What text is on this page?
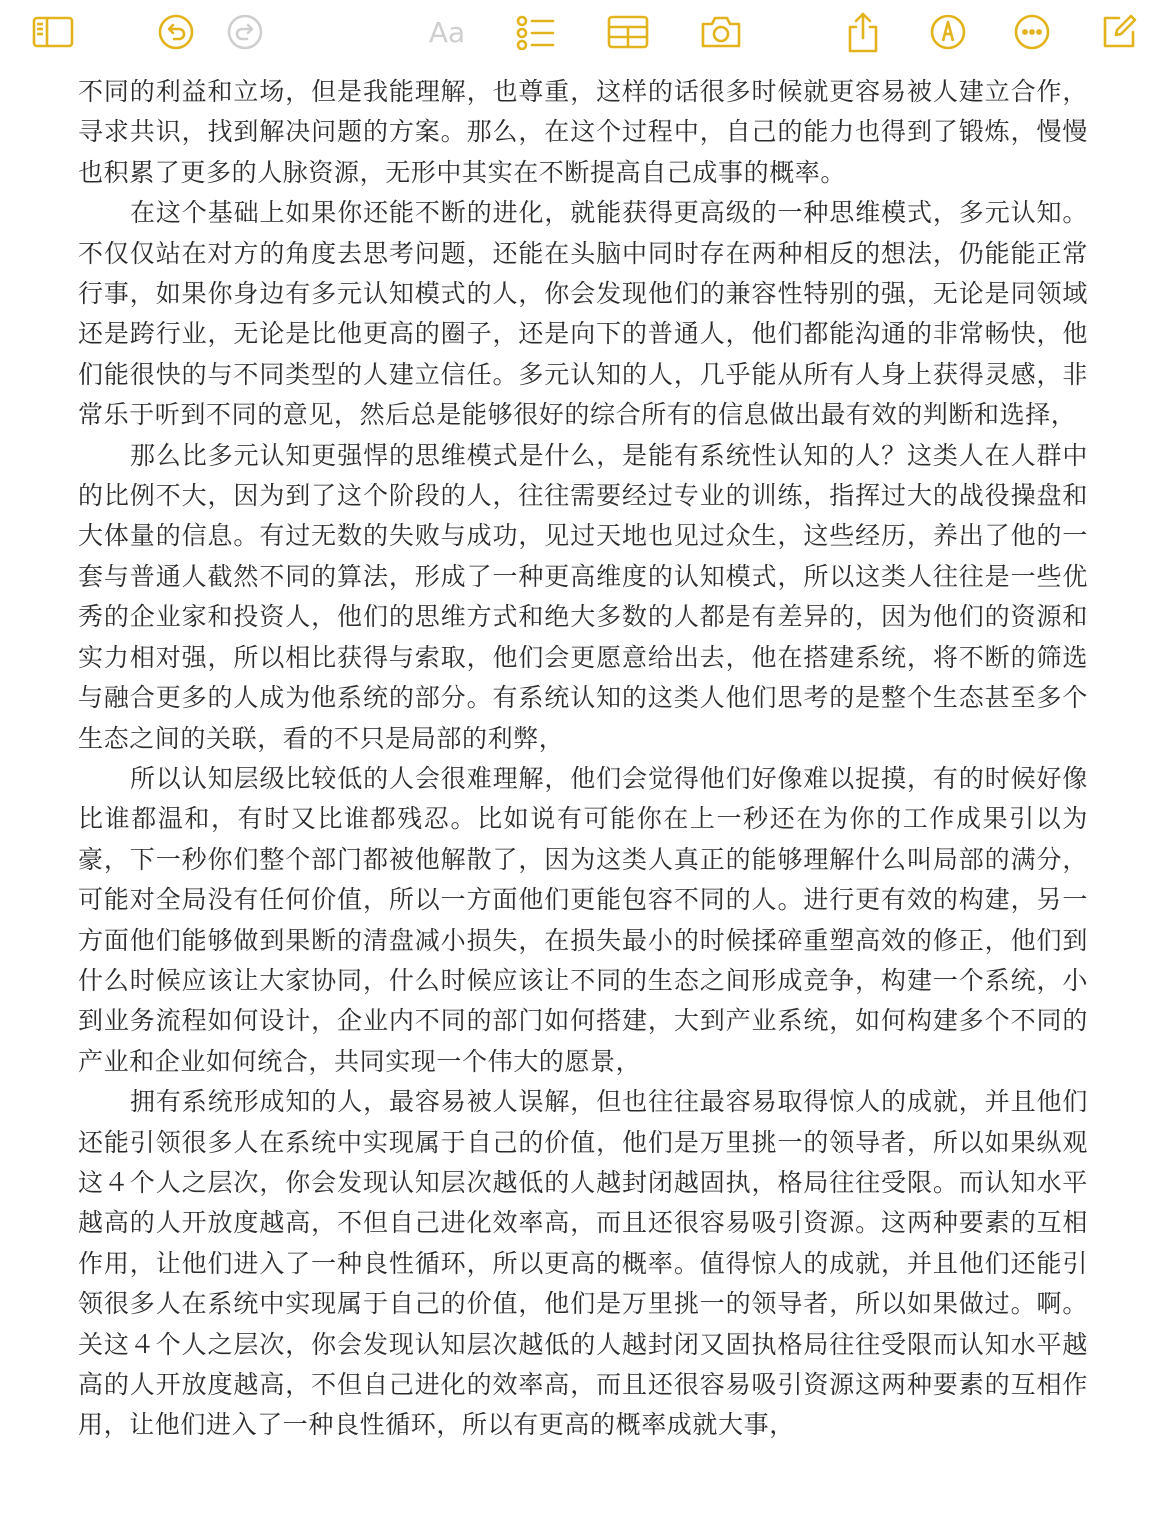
Aa

不同的利益和立场，但是我能理解，也尊重，这样的话很多时候就更容易被人建立合作，寻求共识，找到解决问题的方案。那么，在这个过程中，自己的能力也得到了锻炼，慢慢也积累了更多的人脉资源，无形中其实在不断提高自己成事的概率。

在这个基础上如果你还能不断的进化，就能获得更高级的一种思维模式，多元认知。不仅仅站在对方的角度去思考问题，还能在头脑中同时存在两种相反的想法，仍能能正常行事，如果你身边有多元认知模式的人，你会发现他们的兼容性特别的强，无论是同领域还是跨行业，无论是比他更高的圈子，还是向下的普通人，他们都能沟通的非常畅快，他们能很快的与不同类型的人建立信任。多元认知的人，几乎能从所有人身上获得灵感，非常乐于听到不同的意见，然后总是能够很好的综合所有的信息做出最有效的判断和选择，

那么比多元认知更强悍的思维模式是什么，是能有系统性认知的人？这类人在人群中的比例不大，因为到了这个阶段的人，往往需要经过专业的训练，指挥过大的战役操盘和大体量的信息。有过无数的失败与成功，见过天地也见过众生，这些经历，养出了他的一套与普通人截然不同的算法，形成了一种更高维度的认知模式，所以这类人往往是一些优秀的企业家和投资人，他们的思维方式和绝大多数的人都是有差异的，因为他们的资源和实力相对强，所以相比获得与索取，他们会更愿意给出去，他在搭建系统，将不断的筛选与融合更多的人成为他系统的部分。有系统认知的这类人他们思考的是整个生态甚至多个生态之间的关联，看的不只是局部的利弊，

所以认知层级比较低的人会很难理解，他们会觉得他们好像难以捉摸，有的时候好像比谁都温和，有时又比谁都残忍。比如说有可能你在上一秒还在为你的工作成果引以为豪，下一秒你们整个部门都被他解散了，因为这类人真正的能够理解什么叫局部的满分，可能对全局没有任何价值，所以一方面他们更能包容不同的人。进行更有效的构建，另一方面他们能够做到果断的清盘减小损失，在损失最小的时候揉碎重塑高效的修正，他们到什么时候应该让大家协同，什么时候应该让不同的生态之间形成竞争，构建一个系统，小到业务流程如何设计，企业内不同的部门如何搭建，大到产业系统，如何构建多个不同的产业和企业如何统合，共同实现一个伟大的愿景，

拥有系统形成知的人，最容易被人误解，但也往往最容易取得惊人的成就，并且他们还能引领很多人在系统中实现属于自己的价值，他们是万里挑一的领导者，所以如果纵观这４个人之层次，你会发现认知层次越低的人越封闭越固执，格局往往受限。而认知水平越高的人开放度越高，不但自己进化效率高，而且还很容易吸引资源。这两种要素的互相作用，让他们进入了一种良性循环，所以更高的概率。值得惊人的成就，并且他们还能引领很多人在系统中实现属于自己的价值，他们是万里挑一的领导者，所以如果做过。啊。关这４个人之层次，你会发现认知层次越低的人越封闭又固执格局往往受限而认知水平越高的人开放度越高，不但自己进化的效率高，而且还很容易吸引资源这两种要素的互相作用，让他们进入了一种良性循环，所以有更高的概率成就大事，
